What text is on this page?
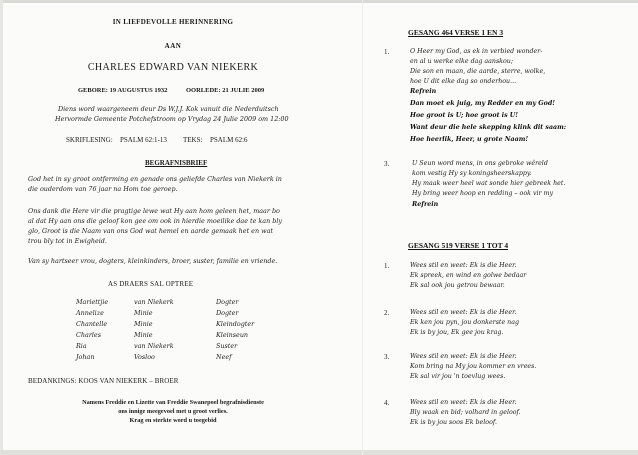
IN LIEFDEVOLLE HERINNERING
AAN
CHARLES EDWARD VAN NIEKERK
GEBORE: 19 AUGUSTUS 1932	OORLEDE: 21 JULIE 2009
Diens word waargeneem deur Ds W.J.J. Kok vanuit die Nederduitsch
Hervormde Gemeente Potchefstroom op Vrydag 24 Julie 2009 om 12:00
SKRIFLESING: PSALM 62:1-13 TEKS: PSALM 62:6
BEGRAFNISBRIEF
God het in sy groot ontferming en genade ons geliefde Charles van Niekerk in
die ouderdom van 76 jaar na Hom toe geroep.
Ons dank die Here vir die pragtige lewe wat Hy aan hom geleen het, maar bo
al dat Hy aan ons die geloof kon gee om ook in hierdie moeilike dae te kan bly
glo, Groot is die Naam van ons God wat hemel en aarde gemaak het en wat
trou bly tot in Ewigheid.
Van sy hartseer vrou, dogters, kleinkinders, broer, suster, familie en vriende.
AS DRAERS SAL OPTREE
Mariettjie	van Niekerk	Dogter
Annelize	Minie	Dogter
Chantelle	Minie	Kleindogter
Charles	Minie	Kleinseun
Ria	van Niekerk	Suster
Johan	Vosloo	Neef
BEDANKINGS: KOOS VAN NIEKERK – BROER
Namens Freddie en Lizette van Freddie Swanepoel begrafnisdienste
ons innige meegevoel met u groot verlies.
Krag en sterkte word u toegebid
GESANG 464 VERSE 1 EN 3
1.	O Heer my God, as ek in verbied wonder-
en al u werke elke dag aanskou;
Die son en maan, die aarde, sterre, wolke,
hoe U dit elke dag so onderhou...
Refrein
Dan moet ek juig, my Redder en my God!
Hoe groot is U; hoe groot is U!
Want deur die hele skepping klink dit saam:
Hoe heerlik, Heer, u grote Naam!
3.	U Seun word mens, in ons gebroke wêreld
kom vestig Hy sy koningsheerskappy.
Hy maak weer heel wat sonde hier gebreek het.
Hy bring weer hoop en redding – ook vir my
Refrein
GESANG 519 VERSE 1 TOT 4
1.	Wees stil en weet: Ek is die Heer.
Ek spreek, en wind en golwe bedaar
Ek sal ook jou getrou bewaar.
2.	Wees stil en weet: Ek is die Heer.
Ek ken jou pyn, jou donkerste nag
Ek is by jou, Ek gee jou krag.
3.	Wees stil en weet: Ek is die Heer.
Kom bring na My jou kommer en vrees.
Ek sal vir jou 'n toevlug wees.
4.	Wees stil en weet: Ek is die Heer.
Bly waak en bid; volhard in geloof.
Ek is by jou soos Ek beloof.
